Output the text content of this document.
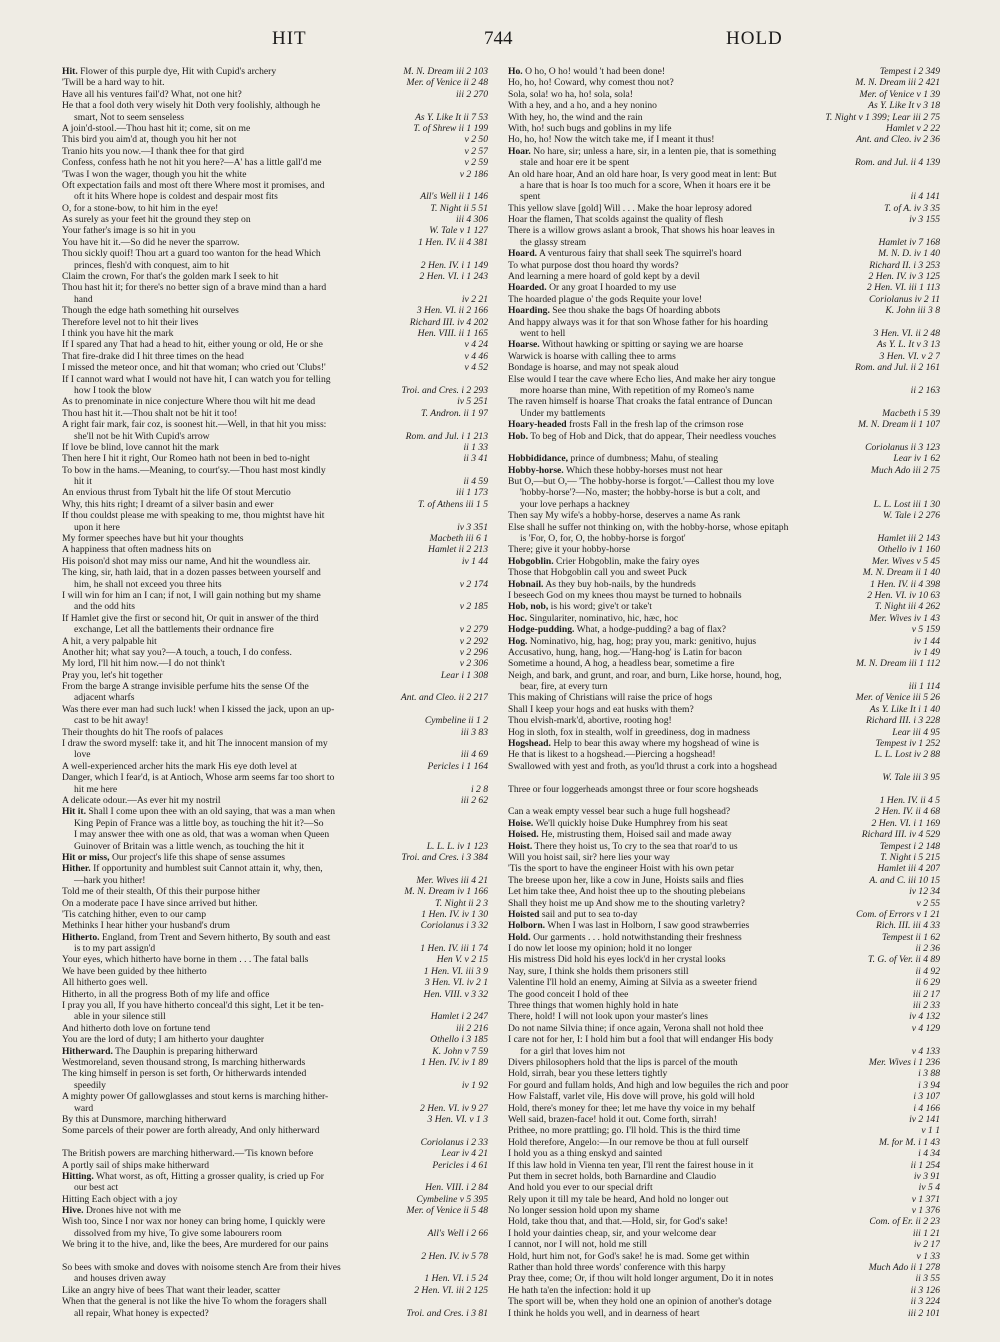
HIT	744	HOLD
Hit. Flower of this purple dye, Hit with Cupid's archery	M. N. Dream iii 2 103
'Twill be a hard way to hit.	Mer. of Venice ii 2 48
Have all his ventures fail'd? What, not one hit?	iii 2 270
He that a fool doth very wisely hit Doth very foolishly, although he
smart, Not to seem senseless	As Y. Like It ii 7 53
A join'd-stool.—Thou hast hit it; come, sit on me	T. of Shrew ii 1 199
This bird you aim'd at, though you hit her not	v 2 50
Tranio hits you now.—I thank thee for that gird	v 2 57
Confess, confess hath he not hit you here?—A' has a little gall'd me	v 2 59
'Twas I won the wager, though you hit the white	v 2 186
Oft expectation fails and most oft there Where most it promises, and
oft it hits Where hope is coldest and despair most fits	All's Well ii 1 146
O, for a stone-bow, to hit him in the eye!	T. Night ii 5 51
As surely as your feet hit the ground they step on	iii 4 306
Your father's image is so hit in you	W. Tale v 1 127
You have hit it.—So did he never the sparrow.	1 Hen. IV. ii 4 381
Thou sickly quoif! Thou art a guard too wanton for the head Which
princes, flesh'd with conquest, aim to hit	2 Hen. IV. i 1 149
Claim the crown, For that's the golden mark I seek to hit	2 Hen. VI. i 1 243
Thou hast hit it; for there's no better sign of a brave mind than a hard
hand	iv 2 21
Though the edge hath something hit ourselves	3 Hen. VI. ii 2 166
Therefore level not to hit their lives	Richard III. iv 4 202
I think you have hit the mark	Hen. VIII. ii 1 165
If I spared any That had a head to hit, either young or old, He or she	v 4 24
That fire-drake did I hit three times on the head	v 4 46
I missed the meteor once, and hit that woman; who cried out 'Clubs!'	v 4 52
If I cannot ward what I would not have hit, I can watch you for telling
how I took the blow	Troi. and Cres. i 2 293
As to prenominate in nice conjecture Where thou wilt hit me dead	iv 5 251
Thou hast hit it.—Thou shalt not be hit it too!	T. Andron. ii 1 97
A right fair mark, fair coz, is soonest hit.—Well, in that hit you miss:
she'll not be hit With Cupid's arrow	Rom. and Jul. i 1 213
If love be blind, love cannot hit the mark	ii 1 33
Then here I hit it right, Our Romeo hath not been in bed to-night	ii 3 41
To bow in the hams.—Meaning, to court'sy.—Thou hast most kindly
hit it	ii 4 59
An envious thrust from Tybalt hit the life Of stout Mercutio	iii 1 173
Why, this hits right; I dreamt of a silver basin and ewer	T. of Athens iii 1 5
If thou couldst please me with speaking to me, thou mightst have hit
upon it here	iv 3 351
My former speeches have but hit your thoughts	Macbeth iii 6 1
A happiness that often madness hits on	Hamlet ii 2 213
His poison'd shot may miss our name, And hit the woundless air.	iv 1 44
The king, sir, hath laid, that in a dozen passes between yourself and
him, he shall not exceed you three hits	v 2 174
I will win for him an I can; if not, I will gain nothing but my shame
and the odd hits	v 2 185
If Hamlet give the first or second hit, Or quit in answer of the third
exchange, Let all the battlements their ordnance fire	v 2 279
A hit, a very palpable hit	v 2 292
Another hit; what say you?—A touch, a touch, I do confess.	v 2 296
My lord, I'll hit him now.—I do not think't	v 2 306
Pray you, let's hit together	Lear i 1 308
From the barge A strange invisible perfume hits the sense Of the
adjacent wharfs	Ant. and Cleo. ii 2 217
Was there ever man had such luck! when I kissed the jack, upon an up-
cast to be hit away!	Cymbeline ii 1 2
Their thoughts do hit The roofs of palaces	iii 3 83
I draw the sword myself: take it, and hit The innocent mansion of my
love	iii 4 69
A well-experienced archer hits the mark His eye doth level at	Pericles i 1 164
Danger, which I fear'd, is at Antioch, Whose arm seems far too short to
hit me here	i 2 8
A delicate odour.—As ever hit my nostril	iii 2 62
Hit it. Shall I come upon thee with an old saying, that was a man when
King Pepin of France was a little boy, as touching the hit it?—So
I may answer thee with one as old, that was a woman when Queen
Guinover of Britain was a little wench, as touching the hit it	L. L. L. iv 1 123
Hit or miss, Our project's life this shape of sense assumes	Troi. and Cres. i 3 384
Hither. If opportunity and humblest suit Cannot attain it, why, then,
—hark you hither!	Mer. Wives iii 4 21
Told me of their stealth, Of this their purpose hither	M. N. Dream iv 1 166
On a moderate pace I have since arrived but hither.	T. Night ii 2 3
'Tis catching hither, even to our camp	1 Hen. IV. iv 1 30
Methinks I hear hither your husband's drum	Coriolanus i 3 32
Hitherto. England, from Trent and Severn hitherto, By south and east
is to my part assign'd	1 Hen. IV. iii 1 74
Your eyes, which hitherto have borne in them . . . The fatal balls	Hen V. v 2 15
We have been guided by thee hitherto	1 Hen. VI. iii 3 9
All hitherto goes well.	3 Hen. VI. iv 2 1
Hitherto, in all the progress Both of my life and office	Hen. VIII. v 3 32
I pray you all, If you have hitherto conceal'd this sight, Let it be ten-
able in your silence still	Hamlet i 2 247
And hitherto doth love on fortune tend	iii 2 216
You are the lord of duty; I am hitherto your daughter	Othello i 3 185
Hitherward. The Dauphin is preparing hitherward	K. John v 7 59
Westmoreland, seven thousand strong, Is marching hitherwards	1 Hen. IV. iv 1 89
The king himself in person is set forth, Or hitherwards intended
speedily	iv 1 92
A mighty power Of gallowglasses and stout kerns is marching hither-
ward	2 Hen. VI. iv 9 27
By this at Dunsmore, marching hitherward	3 Hen. VI. v 1 3
Some parcels of their power are forth already, And only hitherward
Coriolanus i 2 33
The British powers are marching hitherward.—'Tis known before	Lear iv 4 21
A portly sail of ships make hitherward	Pericles i 4 61
Hitting. What worst, as oft, Hitting a grosser quality, is cried up For
our best act	Hen. VIII. i 2 84
Hitting Each object with a joy	Cymbeline v 5 395
Hive. Drones hive not with me	Mer. of Venice ii 5 48
Wish too, Since I nor wax nor honey can bring home, I quickly were
dissolved from my hive, To give some labourers room	All's Well i 2 66
We bring it to the hive, and, like the bees, Are murdered for our pains
2 Hen. IV. iv 5 78
So bees with smoke and doves with noisome stench Are from their hives
and houses driven away	1 Hen. VI. i 5 24
Like an angry hive of bees That want their leader, scatter	2 Hen. VI. iii 2 125
When that the general is not like the hive To whom the foragers shall
all repair, What honey is expected?	Troi. and Cres. i 3 81
Ho. O ho, O ho! would 't had been done!	Tempest i 2 349
Ho, ho, ho! Coward, why comest thou not?	M. N. Dream iii 2 421
Sola, sola! wo ha, ho! sola, sola!	Mer. of Venice v 1 39
With a hey, and a ho, and a hey nonino	As Y. Like It v 3 18
With hey, ho, the wind and the rain	T. Night v 1 399; Lear iii 2 75
With, ho! such bugs and goblins in my life	Hamlet v 2 22
Ho, ho, ho! Now the witch take me, if I meant it thus!	Ant. and Cleo. iv 2 36
Hoar. No hare, sir; unless a hare, sir, in a lenten pie, that is something
stale and hoar ere it be spent	Rom. and Jul. ii 4 139
An old hare hoar, And an old hare hoar, Is very good meat in lent: But
a hare that is hoar Is too much for a score, When it hoars ere it be
spent	ii 4 141
This yellow slave [gold] Will . . . Make the hoar leprosy adored	T. of A. iv 3 35
Hoar the flamen, That scolds against the quality of flesh	iv 3 155
There is a willow grows aslant a brook, That shows his hoar leaves in
the glassy stream	Hamlet iv 7 168
Hoard. A venturous fairy that shall seek The squirrel's hoard	M. N. D. iv 1 40
To what purpose dost thou hoard thy words?	Richard II. i 3 253
And learning a mere hoard of gold kept by a devil	2 Hen. IV. iv 3 125
Hoarded. Or any groat I hoarded to my use	2 Hen. VI. iii 1 113
The hoarded plague o' the gods Requite your love!	Coriolanus iv 2 11
Hoarding. See thou shake the bags Of hoarding abbots	K. John iii 3 8
And happy always was it for that son Whose father for his hoarding
went to hell	3 Hen. VI. ii 2 48
Hoarse. Without hawking or spitting or saying we are hoarse	As Y. L. It v 3 13
Warwick is hoarse with calling thee to arms	3 Hen. VI. v 2 7
Bondage is hoarse, and may not speak aloud	Rom. and Jul. ii 2 161
Else would I tear the cave where Echo lies, And make her airy tongue
more hoarse than mine, With repetition of my Romeo's name	ii 2 163
The raven himself is hoarse That croaks the fatal entrance of Duncan
Under my battlements	Macbeth i 5 39
Hoary-headed frosts Fall in the fresh lap of the crimson rose	M. N. Dream ii 1 107
Hob. To beg of Hob and Dick, that do appear, Their needless vouches
Coriolanus ii 3 123
Hobbididance, prince of dumbness; Mahu, of stealing	Lear iv 1 62
Hobby-horse. Which these hobby-horses must not hear	Much Ado iii 2 75
But O,—but O,— 'The hobby-horse is forgot.'—Callest thou my love
'hobby-horse'?—No, master; the hobby-horse is but a colt, and
your love perhaps a hackney	L. L. Lost iii 1 30
Then say My wife's a hobby-horse, deserves a name As rank	W. Tale i 2 276
Else shall he suffer not thinking on, with the hobby-horse, whose epitaph
is 'For, O, for, O, the hobby-horse is forgot'	Hamlet iii 2 143
There; give it your hobby-horse	Othello iv 1 160
Hobgoblin. Crier Hobgoblin, make the fairy oyes	Mer. Wives v 5 45
Those that Hobgoblin call you and sweet Puck	M. N. Dream ii 1 40
Hobnail. As they buy hob-nails, by the hundreds	1 Hen. IV. ii 4 398
I beseech God on my knees thou mayst be turned to hobnails	2 Hen. VI. iv 10 63
Hob, nob, is his word; give't or take't	T. Night iii 4 262
Hoc. Singulariter, nominativo, hic, hæc, hoc	Mer. Wives iv 1 43
Hodge-pudding. What, a hodge-pudding? a bag of flax?	v 5 159
Hog. Nominativo, hig, hag, hog; pray you, mark: genitivo, hujus	iv 1 44
Accusativo, hung, hang, hog.—'Hang-hog' is Latin for bacon	iv 1 49
Sometime a hound, A hog, a headless bear, sometime a fire	M. N. Dream iii 1 112
Neigh, and bark, and grunt, and roar, and burn, Like horse, hound, hog,
bear, fire, at every turn	iii 1 114
This making of Christians will raise the price of hogs	Mer. of Venice iii 5 26
Shall I keep your hogs and eat husks with them?	As Y. Like It i 1 40
Thou elvish-mark'd, abortive, rooting hog!	Richard III. i 3 228
Hog in sloth, fox in stealth, wolf in greediness, dog in madness	Lear iii 4 95
Hogshead. Help to bear this away where my hogshead of wine is	Tempest iv 1 252
He that is likest to a hogshead.—Piercing a hogshead!	L. L. Lost iv 2 88
Swallowed with yest and froth, as you'ld thrust a cork into a hogshead
W. Tale iii 3 95
Three or four loggerheads amongst three or four score hogsheads
1 Hen. IV. ii 4 5
Can a weak empty vessel bear such a huge full hogshead?	2 Hen. IV. ii 4 68
Hoise. We'll quickly hoise Duke Humphrey from his seat	2 Hen. VI. i 1 169
Hoised. He, mistrusting them, Hoised sail and made away	Richard III. iv 4 529
Hoist. There they hoist us, To cry to the sea that roar'd to us	Tempest i 2 148
Will you hoist sail, sir? here lies your way	T. Night i 5 215
'Tis the sport to have the engineer Hoist with his own petar	Hamlet iii 4 207
The breese upon her, like a cow in June, Hoists sails and flies	A. and C. iii 10 15
Let him take thee, And hoist thee up to the shouting plebeians	iv 12 34
Shall they hoist me up And show me to the shouting varletry?	v 2 55
Hoisted sail and put to sea to-day	Com. of Errors v 1 21
Holborn. When I was last in Holborn, I saw good strawberries	Rich. III. iii 4 33
Hold. Our garments . . . hold notwithstanding their freshness	Tempest ii 1 62
I do now let loose my opinion; hold it no longer	ii 2 36
His mistress Did hold his eyes lock'd in her crystal looks	T. G. of Ver. ii 4 89
Nay, sure, I think she holds them prisoners still	ii 4 92
Valentine I'll hold an enemy, Aiming at Silvia as a sweeter friend	ii 6 29
The good conceit I hold of thee	iii 2 17
Three things that women highly hold in hate	iii 2 33
There, hold! I will not look upon your master's lines	iv 4 132
Do not name Silvia thine; if once again, Verona shall not hold thee	v 4 129
I care not for her, I: I hold him but a fool that will endanger His body
for a girl that loves him not	v 4 133
Divers philosophers hold that the lips is parcel of the mouth	Mer. Wives i 1 236
Hold, sirrah, bear you these letters tightly	i 3 88
For gourd and fullam holds, And high and low beguiles the rich and poor	i 3 94
How Falstaff, varlet vile, His dove will prove, his gold will hold	i 3 107
Hold, there's money for thee; let me have thy voice in my behalf	i 4 166
Well said, brazen-face! hold it out. Come forth, sirrah!	iv 2 141
Prithee, no more prattling; go. I'll hold. This is the third time	v 1 1
Hold therefore, Angelo:—In our remove be thou at full ourself	M. for M. i 1 43
I hold you as a thing enskyd and sainted	i 4 34
If this law hold in Vienna ten year, I'll rent the fairest house in it	ii 1 254
Put them in secret holds, both Barnardine and Claudio	iv 3 91
And hold you ever to our special drift	iv 5 4
Rely upon it till my tale be heard, And hold no longer out	v 1 371
No longer session hold upon my shame	v 1 376
Hold, take thou that, and that.—Hold, sir, for God's sake!	Com. of Er. ii 2 23
I hold your dainties cheap, sir, and your welcome dear	iii 1 21
I cannot, nor I will not, hold me still	iv 2 17
Hold, hurt him not, for God's sake! he is mad. Some get within	v 1 33
Rather than hold three words' conference with this harpy	Much Ado ii 1 278
Pray thee, come; Or, if thou wilt hold longer argument, Do it in notes	ii 3 55
He hath ta'en the infection: hold it up	ii 3 126
The sport will be, when they hold one an opinion of another's dotage	ii 3 224
I think he holds you well, and in dearness of heart	iii 2 101
